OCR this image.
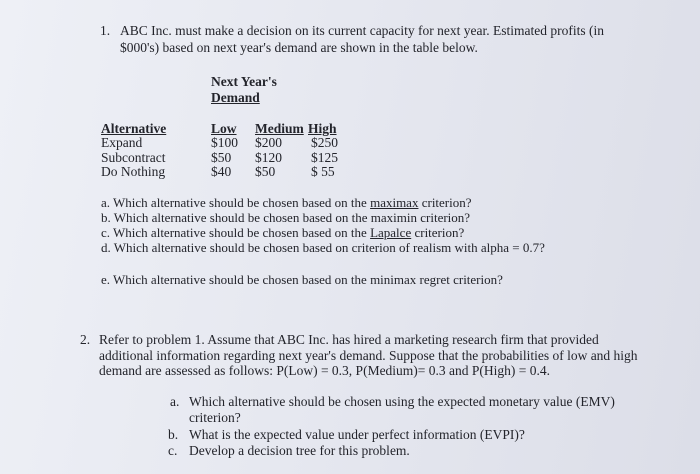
1. ABC Inc. must make a decision on its current capacity for next year. Estimated profits (in
$000's) based on next year's demand are shown in the table below.
Next Year's
Demand
Alternative	Low Medium High
Expand	$100 $200 $250
Subcontract	$50 $120 $125
Do Nothing	$40 $50	$ 55
a. Which alternative should be chosen based on the maximax criterion?
b. Which alternative should be chosen based on the maximin criterion?
c. Which alternative should be chosen based on the Lapalce criterion?
d. Which alternative should be chosen based on criterion of realism with alpha = 0.7?
e. Which alternative should be chosen based on the minimax regret criterion?
2. Refer to problem 1. Assume that ABC Inc. has hired a marketing research firm that provided
additional information regarding next year's demand. Suppose that the probabilities of low and high
demand are assessed as follows: P(Low) = 0.3, P(Medium)= 0.3 and P(High) = 0.4.
a. Which alternative should be chosen using the expected monetary value (EMV)
criterion?
b. What is the expected value under perfect information (EVPI)?
c. Develop a decision tree for this problem.
